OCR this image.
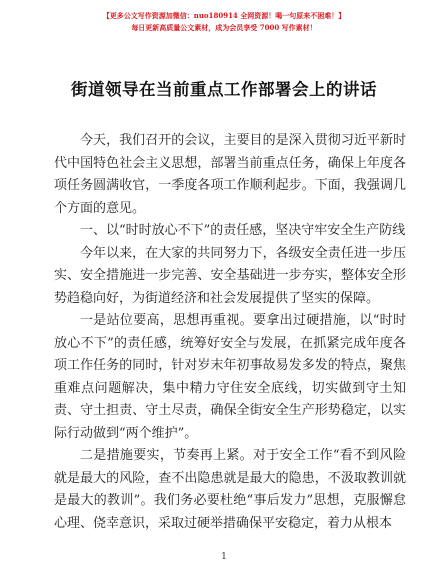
【更多公文写作资源加微信：nuo180914 全网资源！喝一句原来不困难！】
每日更新高质量公文素材，成为会员享受 7000 写作素材！
街道领导在当前重点工作部署会上的讲话

今天，我们召开的会议，主要目的是深入贯彻习近平新时代中国特色社会主义思想，部署当前重点任务，确保上年度各项任务圆满收官，一季度各项工作顺利起步。下面，我强调几个方面的意见。

一、以“时时放心不下”的责任感，坚决守牢安全生产防线

今年以来，在大家的共同努力下，各级安全责任进一步压实、安全措施进一步完善、安全基础进一步夯实，整体安全形势趋稳向好，为街道经济和社会发展提供了坚实的保障。

一是站位要高，思想再重视。要拿出过硬措施，以“时时放心不下”的责任感，统筹好安全与发展，在抓紧完成年度各项工作任务的同时，针对岁末年初事故易发多发的特点，聚焦重难点问题解决，集中精力守住安全底线，切实做到守土知责、守土担责、守土尽责，确保全街安全生产形势稳定，以实际行动做到“两个维护”。

二是措施要实，节奏再上紧。对于安全工作“看不到风险就是最大的风险，查不出隐患就是最大的隐患，不汲取教训就是最大的教训”。我们务必要杜绝“事后发力”思想，克服懈怠心理、侥幸意识，采取过硬举措确保平安稳定，着力从根本

1
